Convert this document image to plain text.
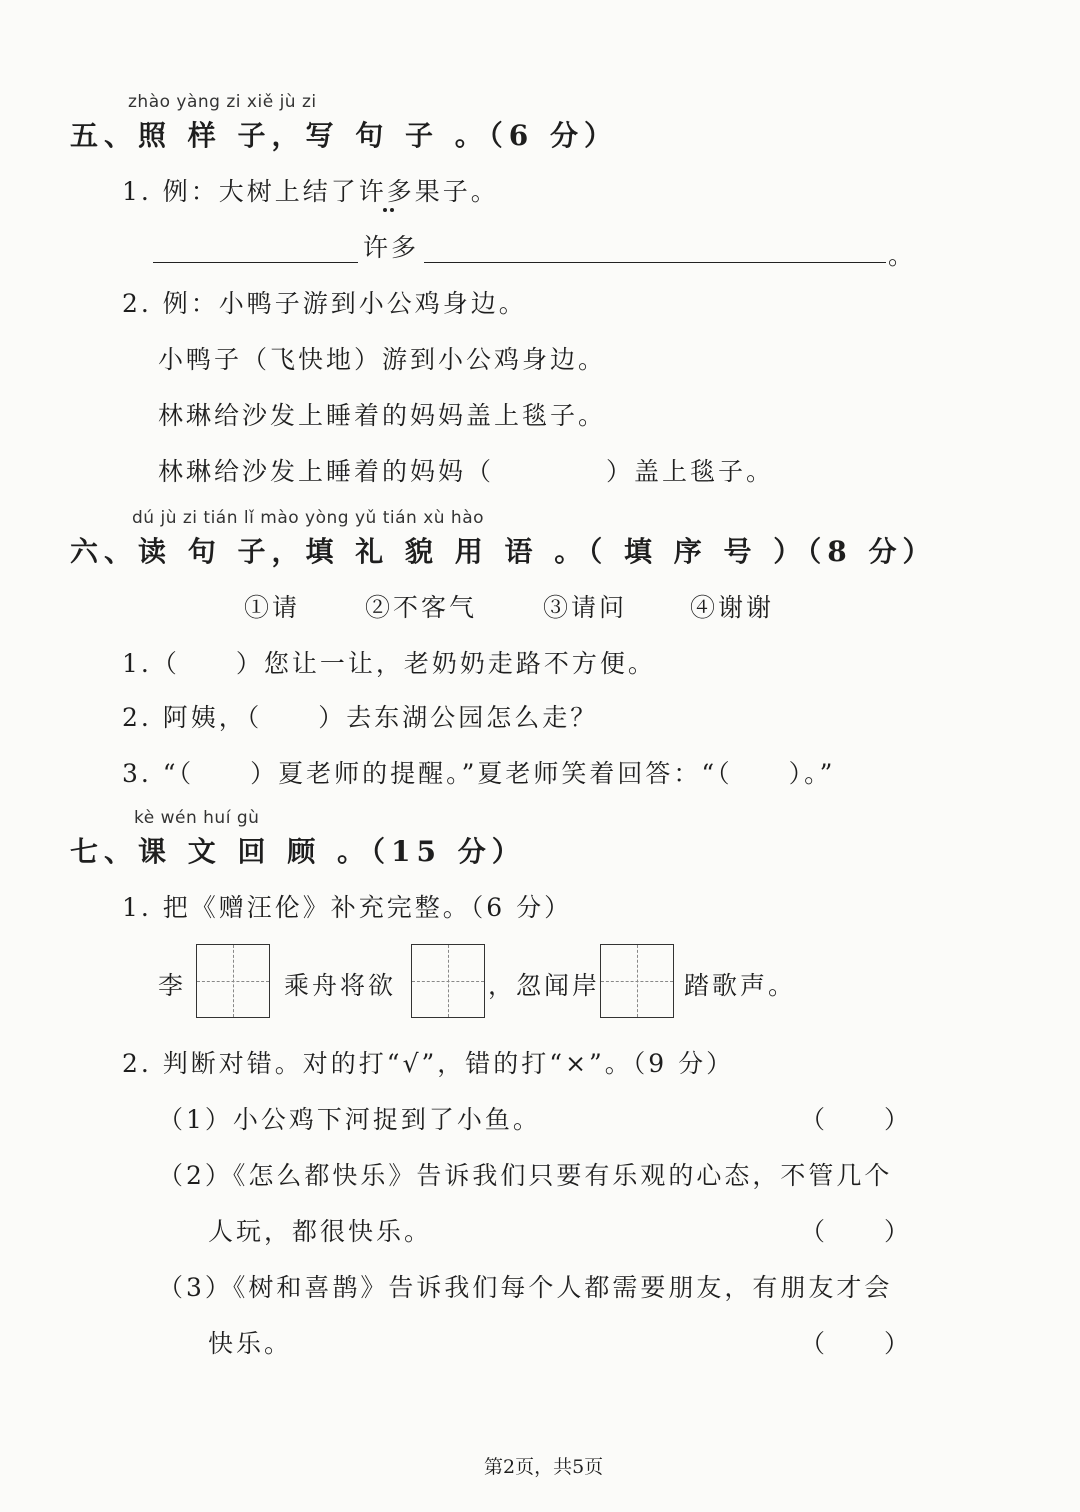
zhào yàng zi xiě jù zi
五、照 样 子，写 句 子 。（6 分）
1. 例：大树上结了许多果子。
许多	。
2. 例：小鸭子游到小公鸡身边。
小鸭子（飞快地）游到小公鸡身边。
林琳给沙发上睡着的妈妈盖上毯子。
林琳给沙发上睡着的妈妈（　　　　）盖上毯子。
dú jù zi tián lǐ mào yòng yǔ tián xù hào
六、读 句 子，填 礼 貌 用 语 。（ 填 序 号 ）（8 分）
①请	②不客气	③请问	④谢谢
1.（　　）您让一让，老奶奶走路不方便。
2. 阿姨，（　　）去东湖公园怎么走？
3. “（　　）夏老师的提醒。”夏老师笑着回答：“（　　）。”
kè wén huí gù
七、课 文 回 顾 。（15 分）
1. 把《赠汪伦》补充完整。（6 分）
李	乘舟将欲	，忽闻岸	踏歌声。
2. 判断对错。对的打“√”，错的打“×”。（9 分）
（1）小公鸡下河捉到了小鱼。	（　　）
（2）《怎么都快乐》告诉我们只要有乐观的心态，不管几个
人玩，都很快乐。	（　　）
（3）《树和喜鹊》告诉我们每个人都需要朋友，有朋友才会
快乐。	（　　）
第2页，共5页
